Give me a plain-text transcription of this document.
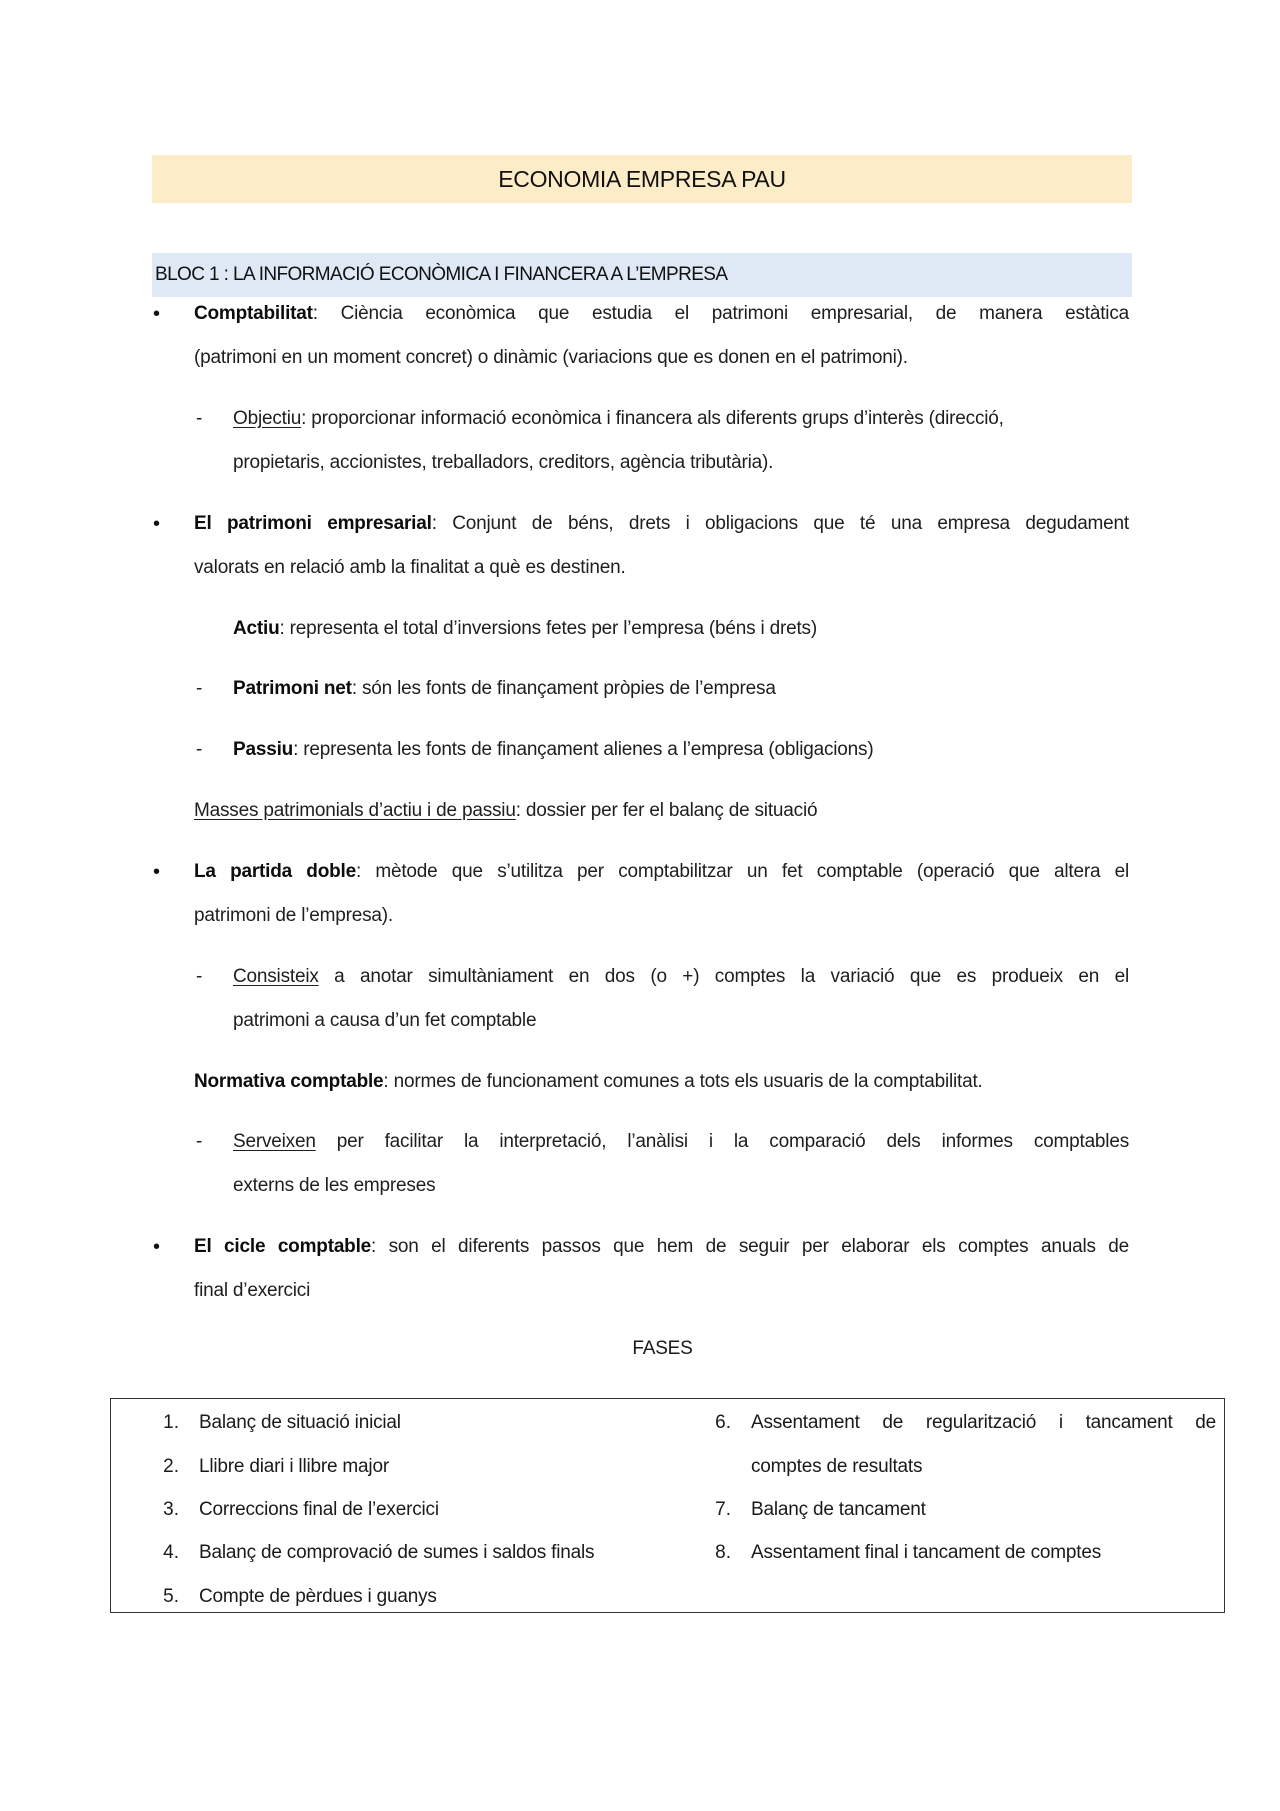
ECONOMIA EMPRESA PAU
BLOC 1 : LA INFORMACIÓ ECONÒMICA I FINANCERA A L’EMPRESA
• Comptabilitat: Ciència econòmica que estudia el patrimoni empresarial, de manera estàtica
(patrimoni en un moment concret) o dinàmic (variacions que es donen en el patrimoni).
- Objectiu: proporcionar informació econòmica i financera als diferents grups d’interès (direcció,
propietaris, accionistes, treballadors, creditors, agència tributària).
• El patrimoni empresarial: Conjunt de béns, drets i obligacions que té una empresa degudament
valorats en relació amb la finalitat a què es destinen.
Actiu: representa el total d’inversions fetes per l’empresa (béns i drets)
- Patrimoni net: són les fonts de finançament pròpies de l’empresa
- Passiu: representa les fonts de finançament alienes a l’empresa (obligacions)
Masses patrimonials d’actiu i de passiu: dossier per fer el balanç de situació
• La partida doble: mètode que s’utilitza per comptabilitzar un fet comptable (operació que altera el
patrimoni de l’empresa).
- Consisteix a anotar simultàniament en dos (o +) comptes la variació que es produeix en el
patrimoni a causa d’un fet comptable
Normativa comptable: normes de funcionament comunes a tots els usuaris de la comptabilitat.
- Serveixen per facilitar la interpretació, l’anàlisi i la comparació dels informes comptables
externs de les empreses
• El cicle comptable: son el diferents passos que hem de seguir per elaborar els comptes anuals de
final d’exercici
FASES
1. Balanç de situació inicial
2. Llibre diari i llibre major
3. Correccions final de l’exercici
4. Balanç de comprovació de sumes i saldos finals
5. Compte de pèrdues i guanys
6. Assentament de regularització i tancament de
comptes de resultats
7. Balanç de tancament
8. Assentament final i tancament de comptes
